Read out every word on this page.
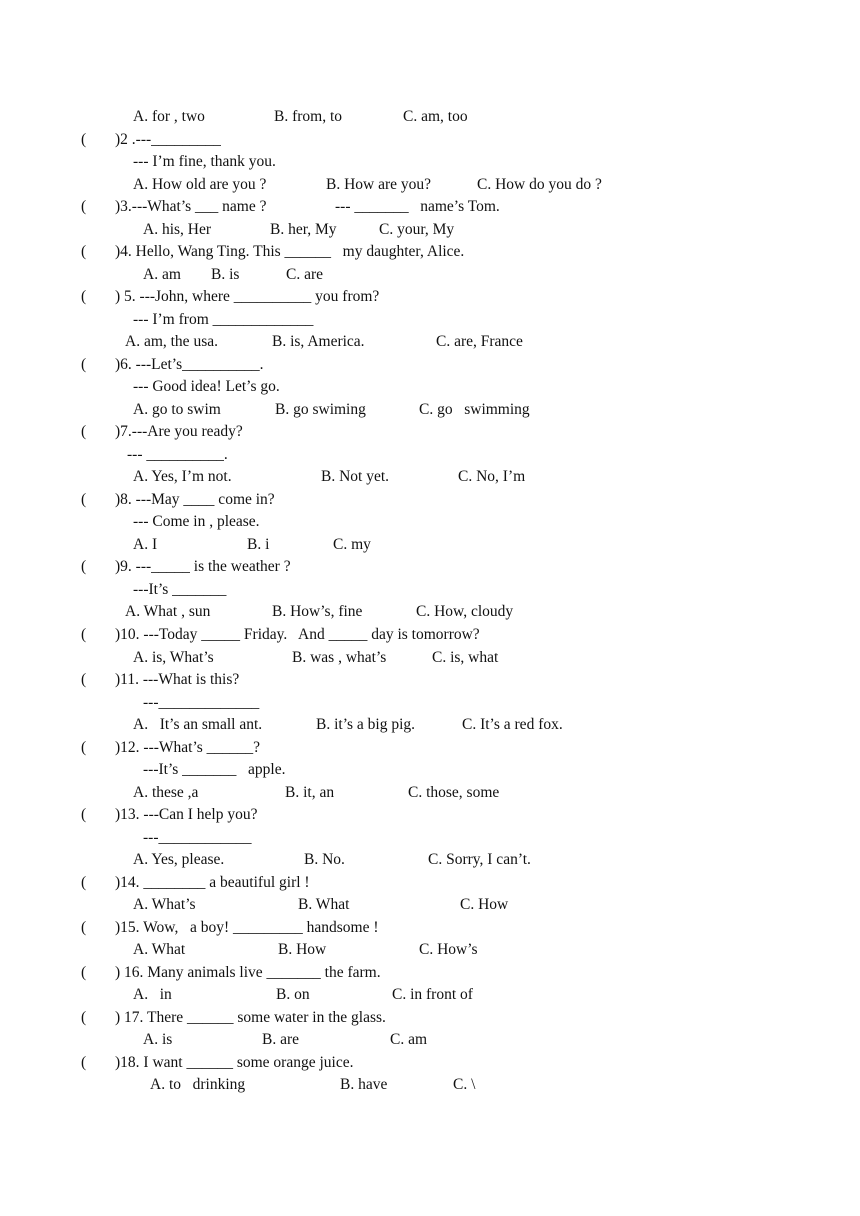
A. for , two	B. from, to	C. am, too
( )2 .---_________
--- I’m fine, thank you.
A. How old are you ?	B. How are you?	C. How do you do ?
( )3.---What’s ___ name ?	--- _______   name’s Tom.
A. his, Her	B. her, My	C. your, My
( )4. Hello, Wang Ting. This ______   my daughter, Alice.
A. am B. is	C. are
( ) 5. ---John, where __________ you from?
--- I’m from _____________
A. am, the usa.	B. is, America.	C. are, France
( )6. ---Let’s__________.
--- Good idea! Let’s go.
A. go to swim	B. go swiming	C. go   swimming
( )7.---Are you ready?
--- __________.
A. Yes, I’m not.	B. Not yet.	C. No, I’m
( )8. ---May ____ come in?
--- Come in , please.
A. I	B. i	C. my
( )9. ---_____ is the weather ?
---It’s _______
A. What , sun	B. How’s, fine	C. How, cloudy
( )10. ---Today _____ Friday.   And _____ day is tomorrow?
A. is, What’s	B. was , what’s	C. is, what
( )11. ---What is this?
---_____________
A.   It’s an small ant.	B. it’s a big pig.	C. It’s a red fox.
( )12. ---What’s ______?
---It’s _______   apple.
A. these ,a	B. it, an	C. those, some
( )13. ---Can I help you?
---____________
A. Yes, please.	B. No.	C. Sorry, I can’t.
( )14. ________ a beautiful girl !
A. What’s	B. What	C. How
( )15. Wow,   a boy! _________ handsome !
A. What	B. How	C. How’s
( ) 16. Many animals live _______ the farm.
A.   in	B. on	C. in front of
( ) 17. There ______ some water in the glass.
A. is	B. are	C. am
( )18. I want ______ some orange juice.
A. to   drinking	B. have	C. \
